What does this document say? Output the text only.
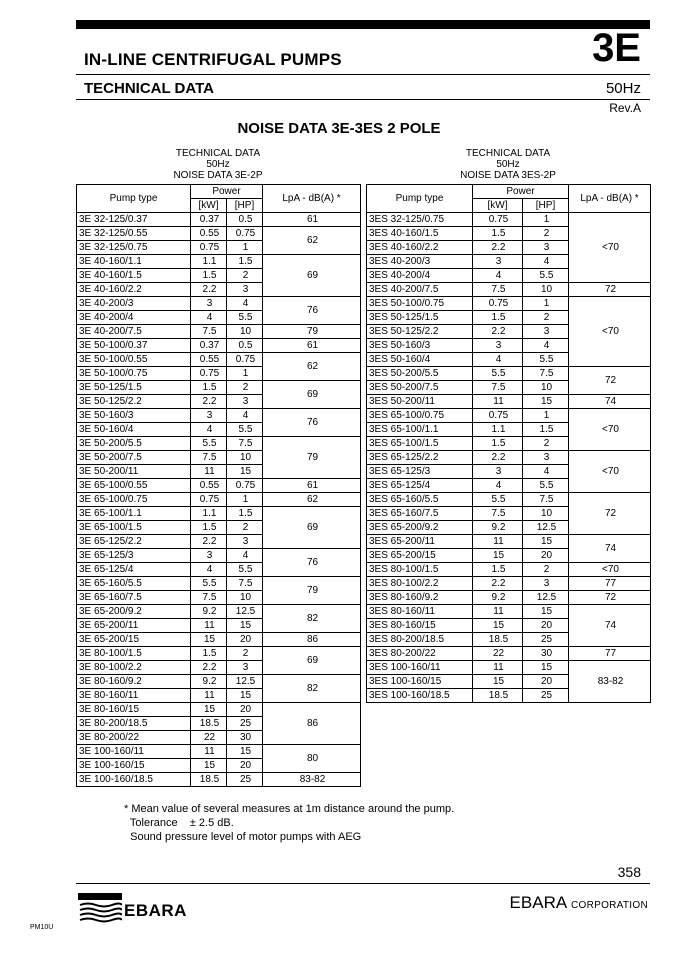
IN-LINE CENTRIFUGAL PUMPS	3E
TECHNICAL DATA	50Hz
Rev.A
NOISE DATA 3E-3ES 2 POLE
TECHNICAL DATA
50Hz
NOISE DATA 3E-2P
TECHNICAL DATA
50Hz
NOISE DATA 3ES-2P
Pump type	Power		LpA - dB(A) *
	[kW]	[HP]	
3E 32-125/0.37	0.37	0.5	61
3E 32-125/0.55	0.55	0.75	62
3E 32-125/0.75	0.75	1	
3E 40-160/1.1	1.1	1.5	69
3E 40-160/1.5	1.5	2	
3E 40-160/2.2	2.2	3	
3E 40-200/3	3	4	76
3E 40-200/4	4	5.5	
3E 40-200/7.5	7.5	10	79
3E 50-100/0.37	0.37	0.5	61
3E 50-100/0.55	0.55	0.75	62
3E 50-100/0.75	0.75	1	
3E 50-125/1.5	1.5	2	69
3E 50-125/2.2	2.2	3	
3E 50-160/3	3	4	76
3E 50-160/4	4	5.5	
3E 50-200/5.5	5.5	7.5	79
3E 50-200/7.5	7.5	10	
3E 50-200/11	11	15	
3E 65-100/0.55	0.55	0.75	61
3E 65-100/0.75	0.75	1	62
3E 65-100/1.1	1.1	1.5	69
3E 65-100/1.5	1.5	2	
3E 65-125/2.2	2.2	3	
3E 65-125/3	3	4	76
3E 65-125/4	4	5.5	
3E 65-160/5.5	5.5	7.5	79
3E 65-160/7.5	7.5	10	
3E 65-200/9.2	9.2	12.5	82
3E 65-200/11	11	15	
3E 65-200/15	15	20	86
3E 80-100/1.5	1.5	2	69
3E 80-100/2.2	2.2	3	
3E 80-160/9.2	9.2	12.5	82
3E 80-160/11	11	15	
3E 80-160/15	15	20	86
3E 80-200/18.5	18.5	25	
3E 80-200/22	22	30	
3E 100-160/11	11	15	80
3E 100-160/15	15	20	
3E 100-160/18.5	18.5	25	83-82
Pump type	Power		LpA - dB(A) *
	[kW]	[HP]	
3ES 32-125/0.75	0.75	1	<70
3ES 40-160/1.5	1.5	2	
3ES 40-160/2.2	2.2	3	
3ES 40-200/3	3	4	
3ES 40-200/4	4	5.5	
3ES 40-200/7.5	7.5	10	72
3ES 50-100/0.75	0.75	1	<70
3ES 50-125/1.5	1.5	2	
3ES 50-125/2.2	2.2	3	
3ES 50-160/3	3	4	
3ES 50-160/4	4	5.5	
3ES 50-200/5.5	5.5	7.5	72
3ES 50-200/7.5	7.5	10	
3ES 50-200/11	11	15	74
3ES 65-100/0.75	0.75	1	<70
3ES 65-100/1.1	1.1	1.5	
3ES 65-100/1.5	1.5	2	
3ES 65-125/2.2	2.2	3	<70
3ES 65-125/3	3	4	
3ES 65-125/4	4	5.5	
3ES 65-160/5.5	5.5	7.5	72
3ES 65-160/7.5	7.5	10	
3ES 65-200/9.2	9.2	12.5	
3ES 65-200/11	11	15	74
3ES 65-200/15	15	20	
3ES 80-100/1.5	1.5	2	<70
3ES 80-100/2.2	2.2	3	77
3ES 80-160/9.2	9.2	12.5	72
3ES 80-160/11	11	15	74
3ES 80-160/15	15	20	
3ES 80-200/18.5	18.5	25	
3ES 80-200/22	22	30	77
3ES 100-160/11	11	15	83-82
3ES 100-160/15	15	20	
3ES 100-160/18.5	18.5	25	
* Mean value of several measures at 1m distance around the pump.
Tolerance    ± 2.5 dB.
Sound pressure level of motor pumps with AEG
358
EBARA	EBARA CORPORATION
PM10U
